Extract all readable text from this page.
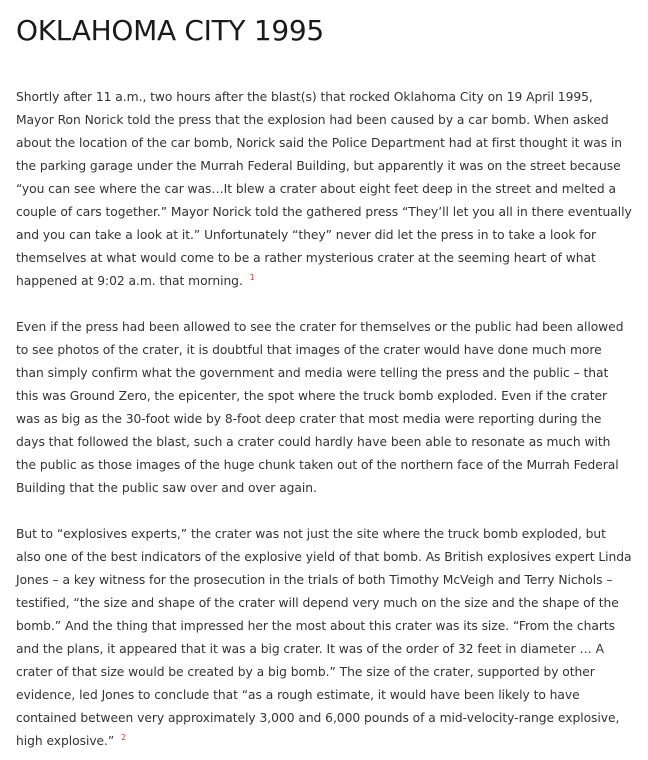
OKLAHOMA CITY 1995

Shortly after 11 a.m., two hours after the blast(s) that rocked Oklahoma City on 19 April 1995, Mayor Ron Norick told the press that the explosion had been caused by a car bomb. When asked about the location of the car bomb, Norick said the Police Department had at first thought it was in the parking garage under the Murrah Federal Building, but apparently it was on the street because “you can see where the car was…It blew a crater about eight feet deep in the street and melted a couple of cars together.” Mayor Norick told the gathered press “They’ll let you all in there eventually and you can take a look at it.” Unfortunately “they” never did let the press in to take a look for themselves at what would come to be a rather mysterious crater at the seeming heart of what happened at 9:02 a.m. that morning. $^1$

Even if the press had been allowed to see the crater for themselves or the public had been allowed to see photos of the crater, it is doubtful that images of the crater would have done much more than simply confirm what the government and media were telling the press and the public – that this was Ground Zero, the epicenter, the spot where the truck bomb exploded. Even if the crater was as big as the 30-foot wide by 8-foot deep crater that most media were reporting during the days that followed the blast, such a crater could hardly have been able to resonate as much with the public as those images of the huge chunk taken out of the northern face of the Murrah Federal Building that the public saw over and over again.

But to “explosives experts,” the crater was not just the site where the truck bomb exploded, but also one of the best indicators of the explosive yield of that bomb. As British explosives expert Linda Jones – a key witness for the prosecution in the trials of both Timothy McVeigh and Terry Nichols – testified, “the size and shape of the crater will depend very much on the size and the shape of the bomb.” And the thing that impressed her the most about this crater was its size. “From the charts and the plans, it appeared that it was a big crater. It was of the order of 32 feet in diameter … A crater of that size would be created by a big bomb.” The size of the crater, supported by other evidence, led Jones to conclude that “as a rough estimate, it would have been likely to have contained between very approximately 3,000 and 6,000 pounds of a mid-velocity-range explosive, high explosive.” $^2$
